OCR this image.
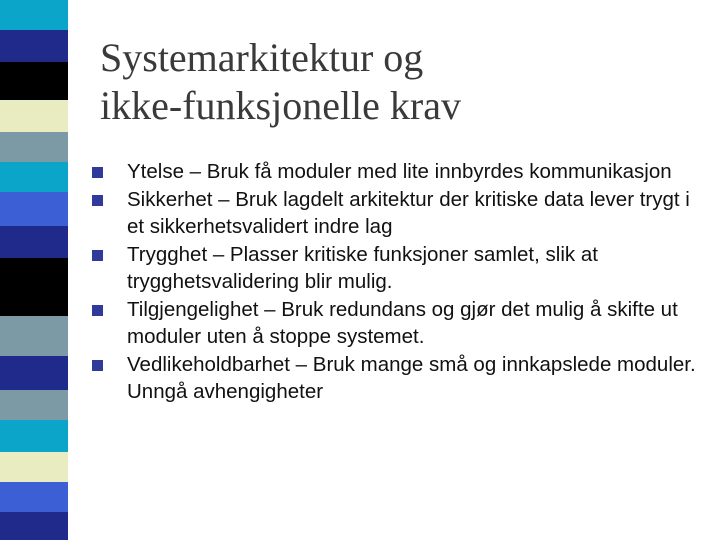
Systemarkitektur og
ikke-funksjonelle krav
Ytelse – Bruk få moduler med lite innbyrdes kommunikasjon
Sikkerhet – Bruk lagdelt arkitektur der kritiske data lever trygt i et sikkerhetsvalidert indre lag
Trygghet – Plasser kritiske funksjoner samlet, slik at trygghetsvalidering blir mulig.
Tilgjengelighet – Bruk redundans og gjør det mulig å skifte ut moduler uten å stoppe systemet.
Vedlikeholdbarhet – Bruk mange små og innkapslede moduler. Unngå avhengigheter
